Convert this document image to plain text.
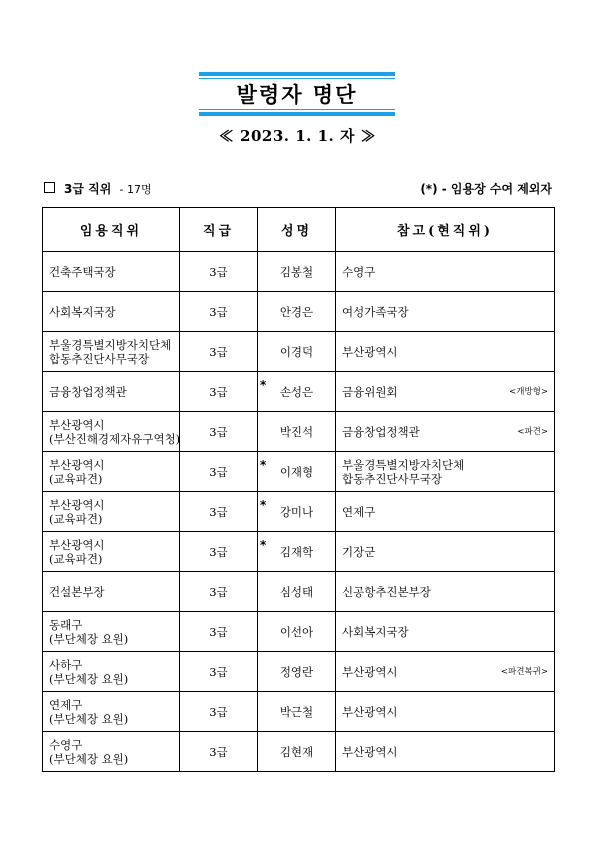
발령자 명단
≪ 2023. 1. 1. 자 ≫
3급 직위 - 17명	(*) - 임용장 수여 제외자
임용직위	직급	성명	참고(현직위)

건축주택국장	3급	김봉철	수영구

사회복지국장	3급	안경은	여성가족국장

부울경특별지방자치단체
합동추진단사무국장	3급	이경덕	부산광역시

금융창업정책관	3급	* 손성은	금융위원회 <개방형>

부산광역시
(부산진해경제자유구역청)	3급	박진석	금융창업정책관 <파견>

부산광역시
(교육파견)	3급	* 이재형	부울경특별지방자치단체
합동추진단사무국장

부산광역시
(교육파견)	3급	* 강미나	연제구

부산광역시
(교육파견)	3급	* 김재학	기장군

건설본부장	3급	심성태	신공항추진본부장

동래구
(부단체장 요원)	3급	이선아	사회복지국장

사하구
(부단체장 요원)	3급	정영란	부산광역시 <파견복귀>

연제구
(부단체장 요원)	3급	박근철	부산광역시

수영구
(부단체장 요원)	3급	김현재	부산광역시
